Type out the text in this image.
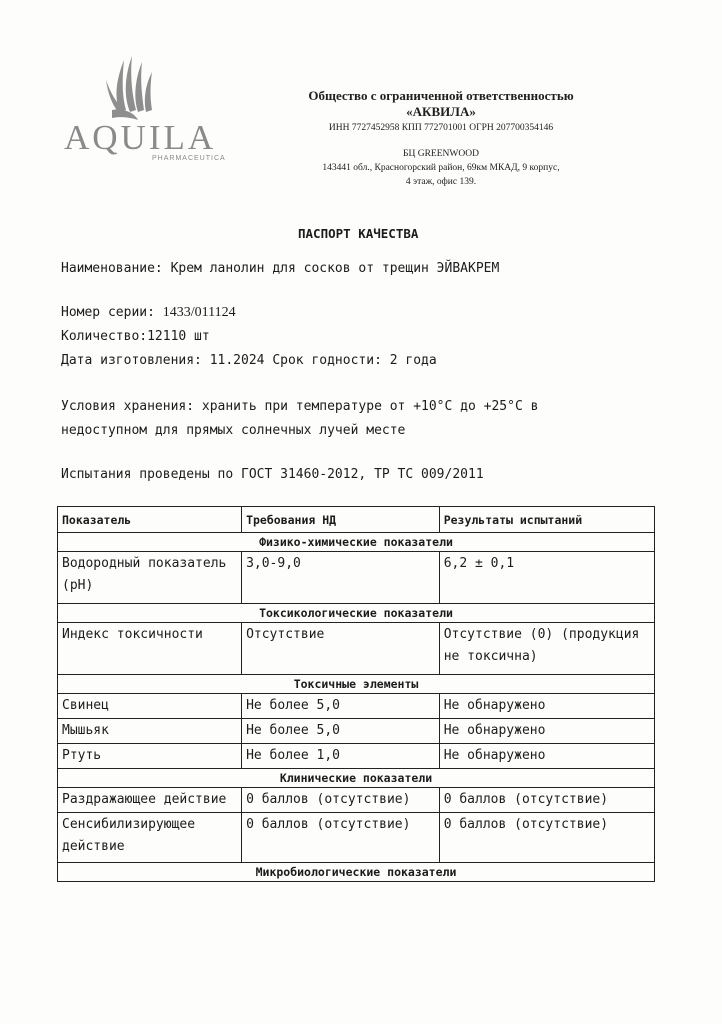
AQUILA
PHARMACEUTICA
Общество с ограниченной ответственностью
«АКВИЛА»
ИНН 7727452958 КПП 772701001 ОГРН 207700354146
БЦ GREENWOOD
143441 обл., Красногорский район, 69км МКАД, 9 корпус,
4 этаж, офис 139.
ПАСПОРТ КАЧЕСТВА
Наименование: Крем ланолин для сосков от трещин ЭЙВАКРЕМ
Номер серии: 1433/011124
Количество:12110 шт
Дата изготовления: 11.2024 Срок годности: 2 года
Условия хранения: хранить при температуре от +10°С до +25°С в
недоступном для прямых солнечных лучей месте
Испытания проведены по ГОСТ 31460-2012, ТР ТС 009/2011
Показатель	Требования НД	Результаты испытаний
Физико-химические показатели		
Водородный показатель (pH)	3,0-9,0	6,2 ± 0,1
Токсикологические показатели		
Индекс токсичности	Отсутствие	Отсутствие (0) (продукция не токсична)
Токсичные элементы		
Свинец	Не более 5,0	Не обнаружено
Мышьяк	Не более 5,0	Не обнаружено
Ртуть	Не более 1,0	Не обнаружено
Клинические показатели		
Раздражающее действие	0 баллов (отсутствие)	0 баллов (отсутствие)
Сенсибилизирующее действие	0 баллов (отсутствие)	0 баллов (отсутствие)
Микробиологические показатели		
